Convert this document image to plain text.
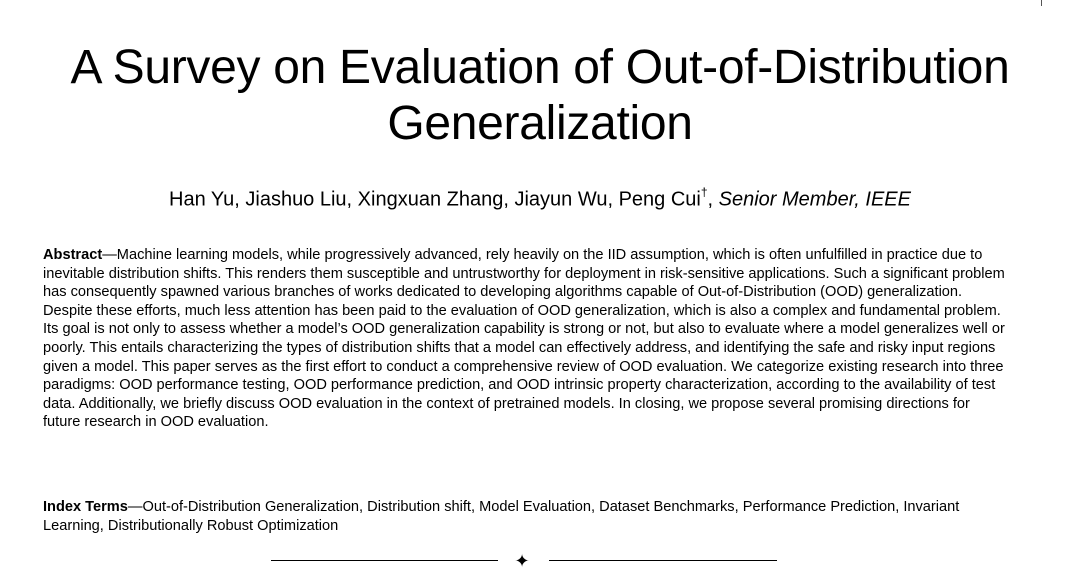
A Survey on Evaluation of Out-of-Distribution Generalization
Han Yu, Jiashuo Liu, Xingxuan Zhang, Jiayun Wu, Peng Cui†, Senior Member, IEEE

Abstract—Machine learning models, while progressively advanced, rely heavily on the IID assumption, which is often unfulfilled in practice due to inevitable distribution shifts. This renders them susceptible and untrustworthy for deployment in risk-sensitive applications. Such a significant problem has consequently spawned various branches of works dedicated to developing algorithms capable of Out-of-Distribution (OOD) generalization. Despite these efforts, much less attention has been paid to the evaluation of OOD generalization, which is also a complex and fundamental problem. Its goal is not only to assess whether a model’s OOD generalization capability is strong or not, but also to evaluate where a model generalizes well or poorly. This entails characterizing the types of distribution shifts that a model can effectively address, and identifying the safe and risky input regions given a model. This paper serves as the first effort to conduct a comprehensive review of OOD evaluation. We categorize existing research into three paradigms: OOD performance testing, OOD performance prediction, and OOD intrinsic property characterization, according to the availability of test data. Additionally, we briefly discuss OOD evaluation in the context of pretrained models. In closing, we propose several promising directions for future research in OOD evaluation.

Index Terms—Out-of-Distribution Generalization, Distribution shift, Model Evaluation, Dataset Benchmarks, Performance Prediction, Invariant Learning, Distributionally Robust Optimization

✦
